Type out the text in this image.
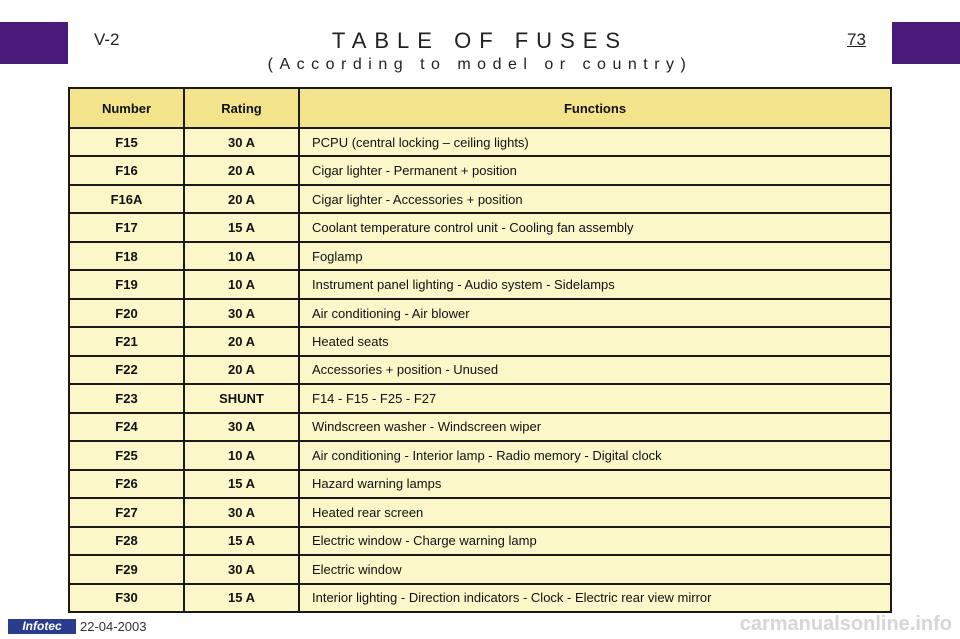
V-2	TABLE OF FUSES
(According to model or country)
73
Number	Rating	Functions
F15	30 A	PCPU (central locking – ceiling lights)
F16	20 A	Cigar lighter - Permanent + position
F16A	20 A	Cigar lighter - Accessories + position
F17	15 A	Coolant temperature control unit - Cooling fan assembly
F18	10 A	Foglamp
F19	10 A	Instrument panel lighting - Audio system - Sidelamps
F20	30 A	Air conditioning - Air blower
F21	20 A	Heated seats
F22	20 A	Accessories + position - Unused
F23	SHUNT	F14 - F15 - F25 - F27
F24	30 A	Windscreen washer - Windscreen wiper
F25	10 A	Air conditioning - Interior lamp - Radio memory - Digital clock
F26	15 A	Hazard warning lamps
F27	30 A	Heated rear screen
F28	15 A	Electric window - Charge warning lamp
F29	30 A	Electric window
F30	15 A	Interior lighting - Direction indicators - Clock - Electric rear view mirror
Infotec	22-04-2003	carmanualsonline.info
